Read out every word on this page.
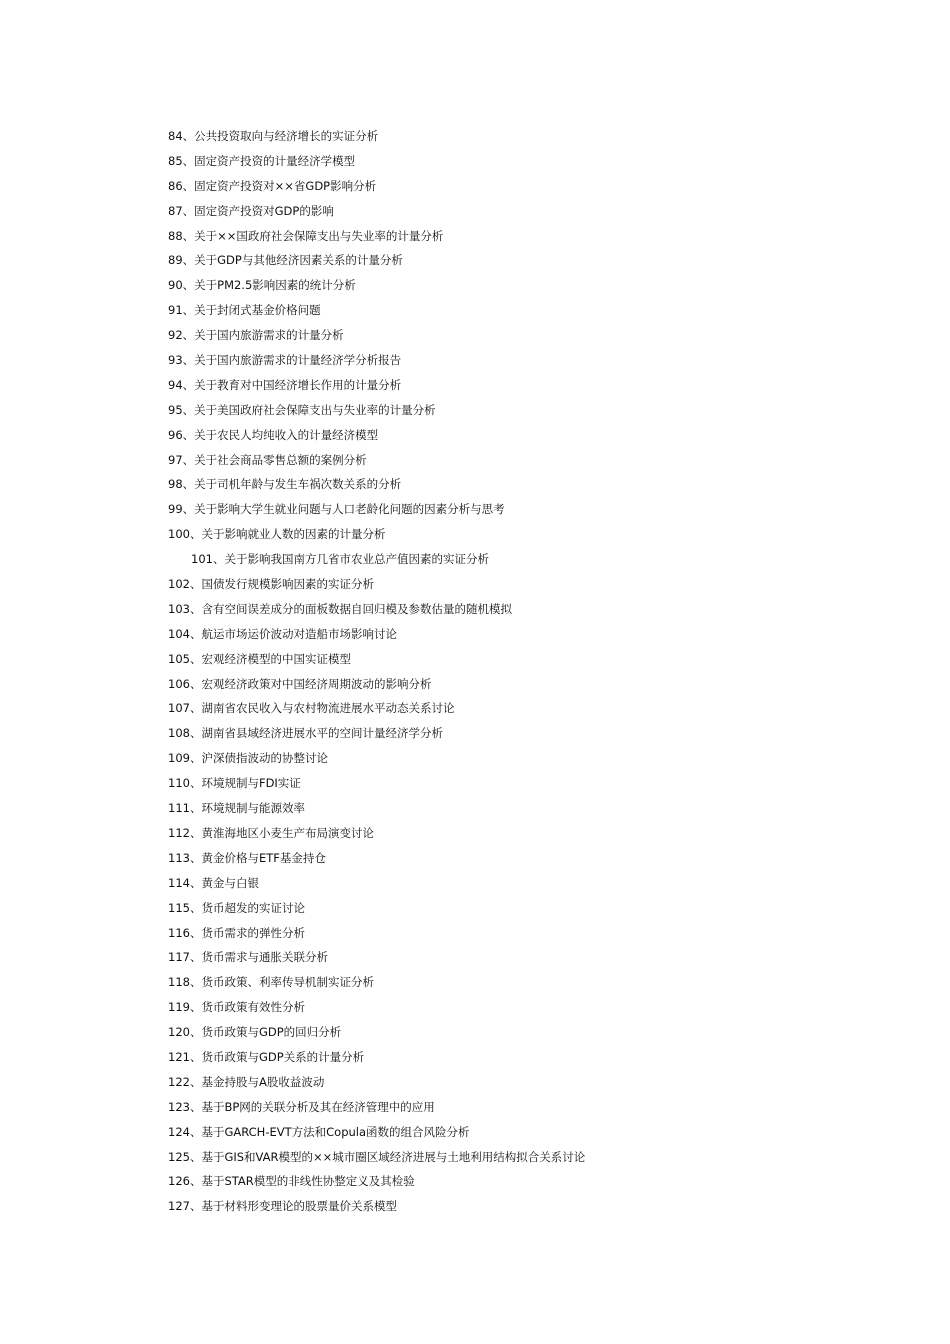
84、公共投资取向与经济增长的实证分析
85、固定资产投资的计量经济学模型
86、固定资产投资对××省GDP影响分析
87、固定资产投资对GDP的影响
88、关于××国政府社会保障支出与失业率的计量分析
89、关于GDP与其他经济因素关系的计量分析
90、关于PM2.5影响因素的统计分析
91、关于封闭式基金价格问题
92、关于国内旅游需求的计量分析
93、关于国内旅游需求的计量经济学分析报告
94、关于教育对中国经济增长作用的计量分析
95、关于美国政府社会保障支出与失业率的计量分析
96、关于农民人均纯收入的计量经济模型
97、关于社会商品零售总额的案例分析
98、关于司机年龄与发生车祸次数关系的分析
99、关于影响大学生就业问题与人口老龄化问题的因素分析与思考
100、关于影响就业人数的因素的计量分析
101、关于影响我国南方几省市农业总产值因素的实证分析
102、国债发行规模影响因素的实证分析
103、含有空间误差成分的面板数据自回归模及参数估量的随机模拟
104、航运市场运价波动对造船市场影响讨论
105、宏观经济模型的中国实证模型
106、宏观经济政策对中国经济周期波动的影响分析
107、湖南省农民收入与农村物流进展水平动态关系讨论
108、湖南省县域经济进展水平的空间计量经济学分析
109、沪深债指波动的协整讨论
110、环境规制与FDI实证
111、环境规制与能源效率
112、黄淮海地区小麦生产布局演变讨论
113、黄金价格与ETF基金持仓
114、黄金与白银
115、货币超发的实证讨论
116、货币需求的弹性分析
117、货币需求与通胀关联分析
118、货币政策、利率传导机制实证分析
119、货币政策有效性分析
120、货币政策与GDP的回归分析
121、货币政策与GDP关系的计量分析
122、基金持股与A股收益波动
123、基于BP网的关联分析及其在经济管理中的应用
124、基于GARCH-EVT方法和Copula函数的组合风险分析
125、基于GIS和VAR模型的××城市圈区域经济进展与土地利用结构拟合关系讨论
126、基于STAR模型的非线性协整定义及其检验
127、基于材料形变理论的股票量价关系模型
